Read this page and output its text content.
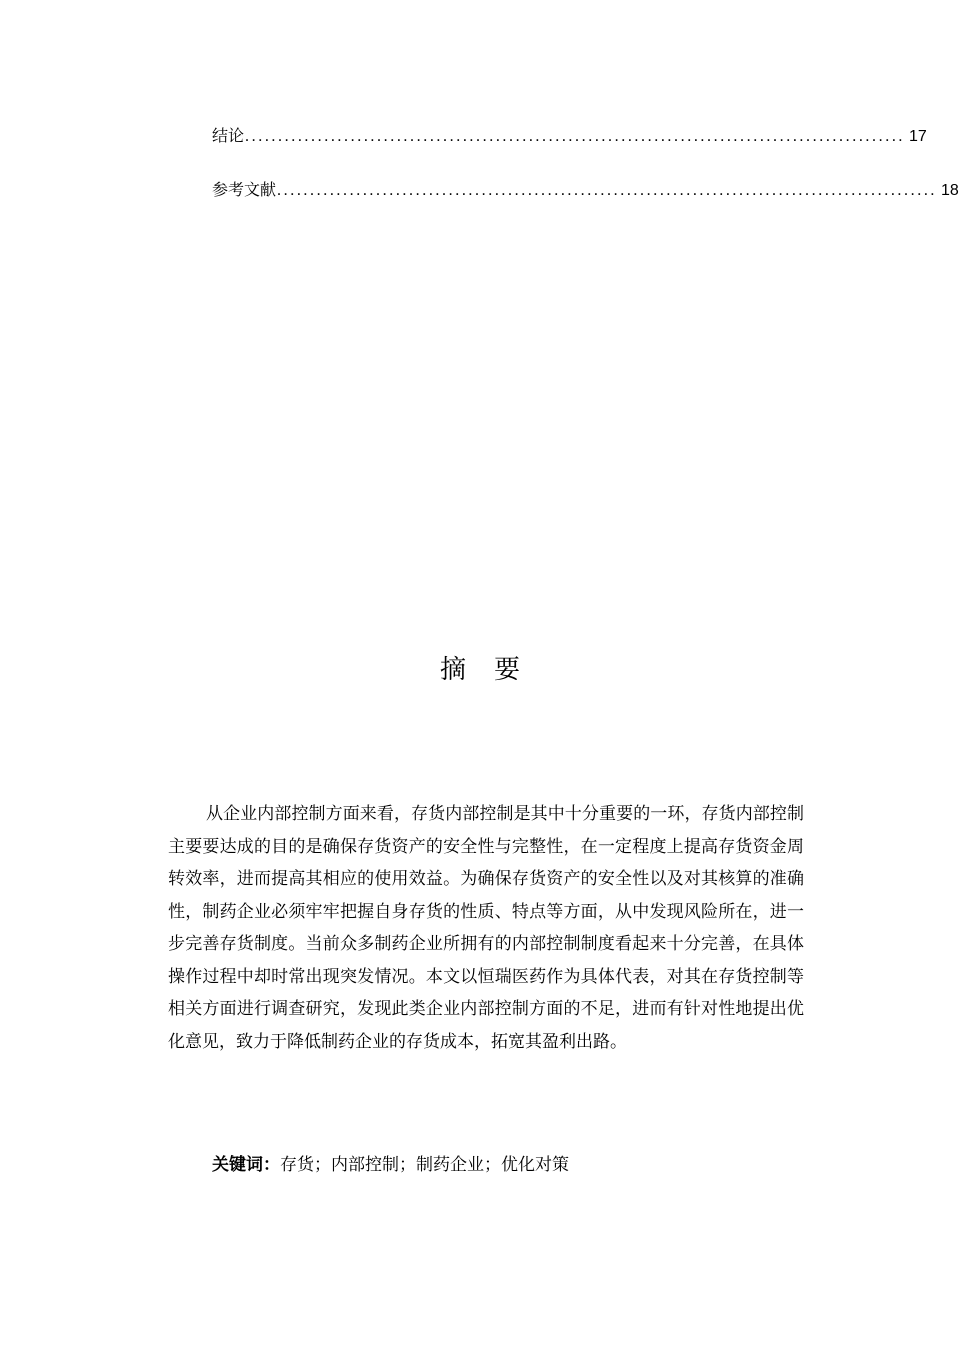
结论 .................................................................................................... 17
参考文献 .................................................................................................... 18
摘要

从企业内部控制方面来看，存货内部控制是其中十分重要的一环，存货内部控制主要要达成的目的是确保存货资产的安全性与完整性，在一定程度上提高存货资金周转效率，进而提高其相应的使用效益。为确保存货资产的安全性以及对其核算的准确性，制药企业必须牢牢把握自身存货的性质、特点等方面，从中发现风险所在，进一步完善存货制度。当前众多制药企业所拥有的内部控制制度看起来十分完善，在具体操作过程中却时常出现突发情况。本文以恒瑞医药作为具体代表，对其在存货控制等相关方面进行调查研究，发现此类企业内部控制方面的不足，进而有针对性地提出优化意见，致力于降低制药企业的存货成本，拓宽其盈利出路。

关键词：存货；内部控制；制药企业；优化对策
